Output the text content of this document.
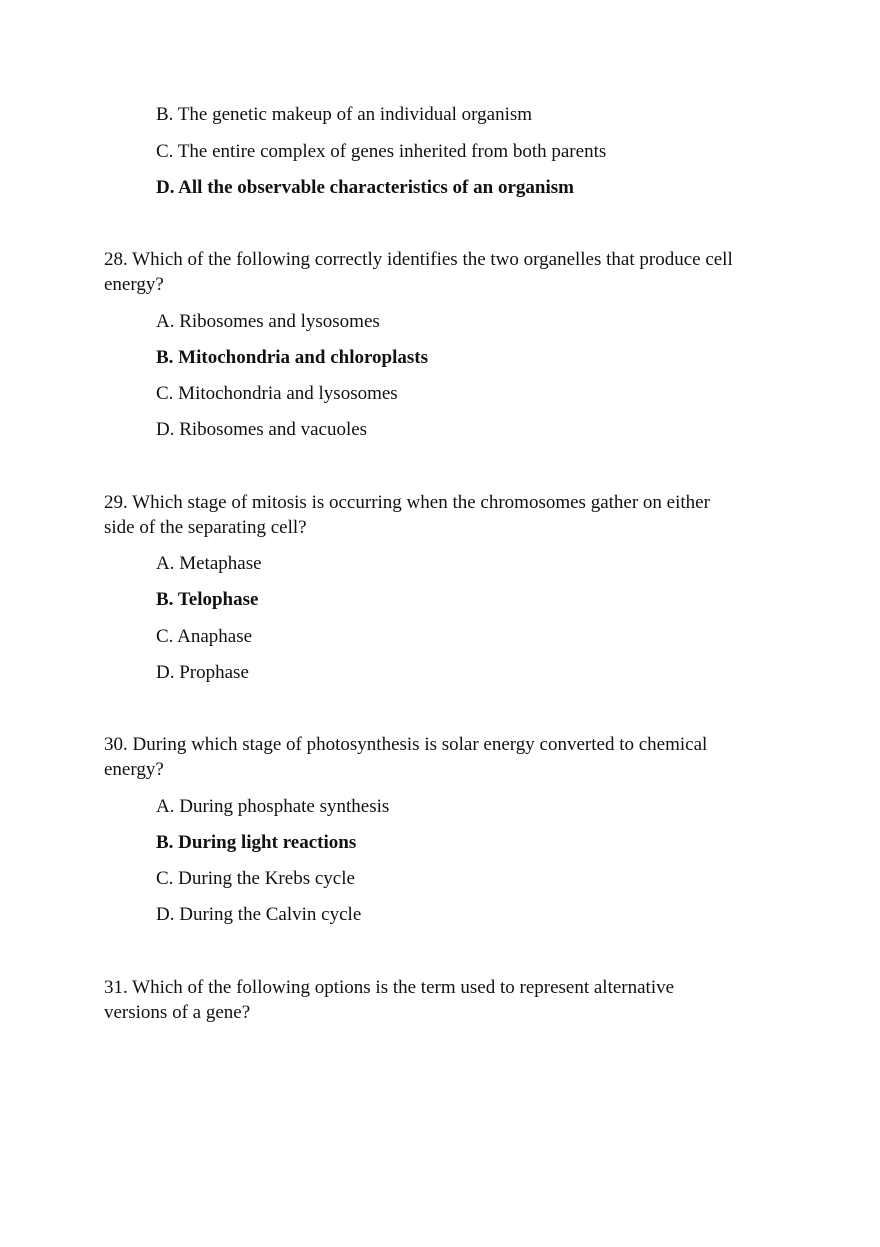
B. The genetic makeup of an individual organism
C. The entire complex of genes inherited from both parents
D. All the observable characteristics of an organism
28. Which of the following correctly identifies the two organelles that produce cell
energy?
A. Ribosomes and lysosomes
B. Mitochondria and chloroplasts
C. Mitochondria and lysosomes
D. Ribosomes and vacuoles
29. Which stage of mitosis is occurring when the chromosomes gather on either
side of the separating cell?
A. Metaphase
B. Telophase
C. Anaphase
D. Prophase
30. During which stage of photosynthesis is solar energy converted to chemical
energy?
A. During phosphate synthesis
B. During light reactions
C. During the Krebs cycle
D. During the Calvin cycle
31. Which of the following options is the term used to represent alternative
versions of a gene?
